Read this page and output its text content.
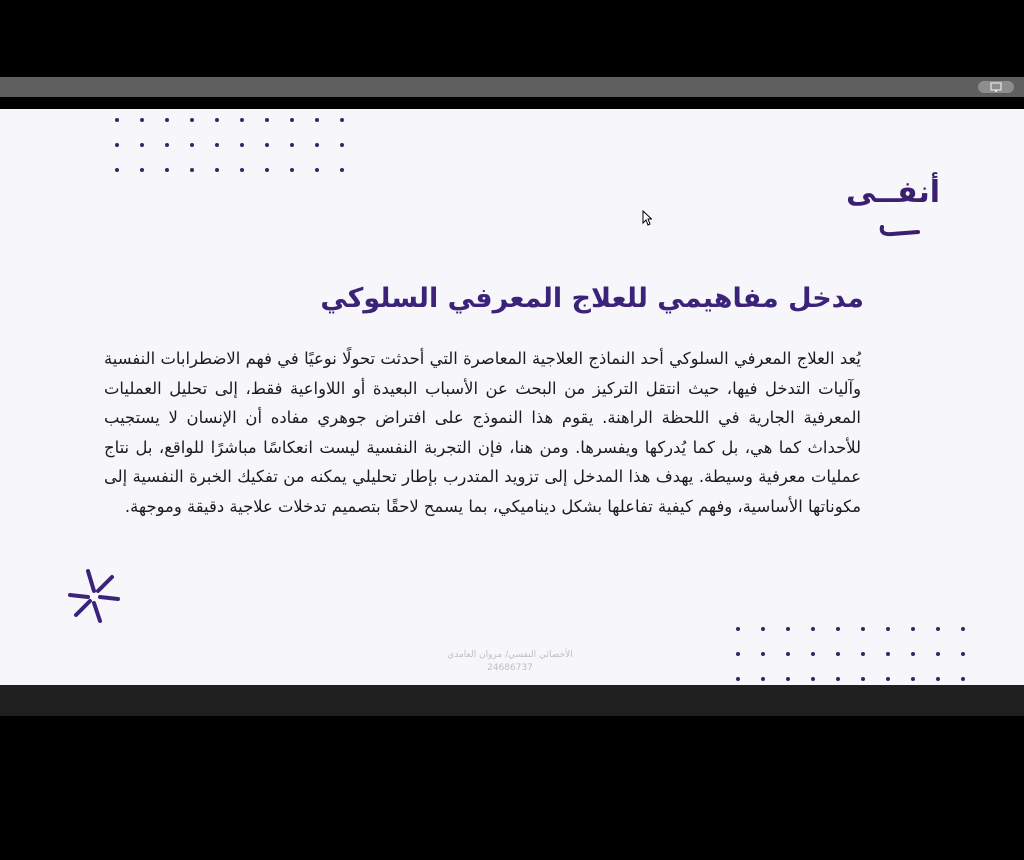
أنفــى
مدخل مفاهيمي للعلاج المعرفي السلوكي

يُعد العلاج المعرفي السلوكي أحد النماذج العلاجية المعاصرة التي أحدثت تحولًا نوعيًا في فهم الاضطرابات النفسية وآليات التدخل فيها، حيث انتقل التركيز من البحث عن الأسباب البعيدة أو اللاواعية فقط، إلى تحليل العمليات المعرفية الجارية في اللحظة الراهنة. يقوم هذا النموذج على افتراض جوهري مفاده أن الإنسان لا يستجيب للأحداث كما هي، بل كما يُدركها ويفسرها. ومن هنا، فإن التجربة النفسية ليست انعكاسًا مباشرًا للواقع، بل نتاج عمليات معرفية وسيطة. يهدف هذا المدخل إلى تزويد المتدرب بإطار تحليلي يمكنه من تفكيك الخبرة النفسية إلى مكوناتها الأساسية، وفهم كيفية تفاعلها بشكل ديناميكي، بما يسمح لاحقًا بتصميم تدخلات علاجية دقيقة وموجهة.

الأخصائي النفسي/ مروان العامدي
24686737
